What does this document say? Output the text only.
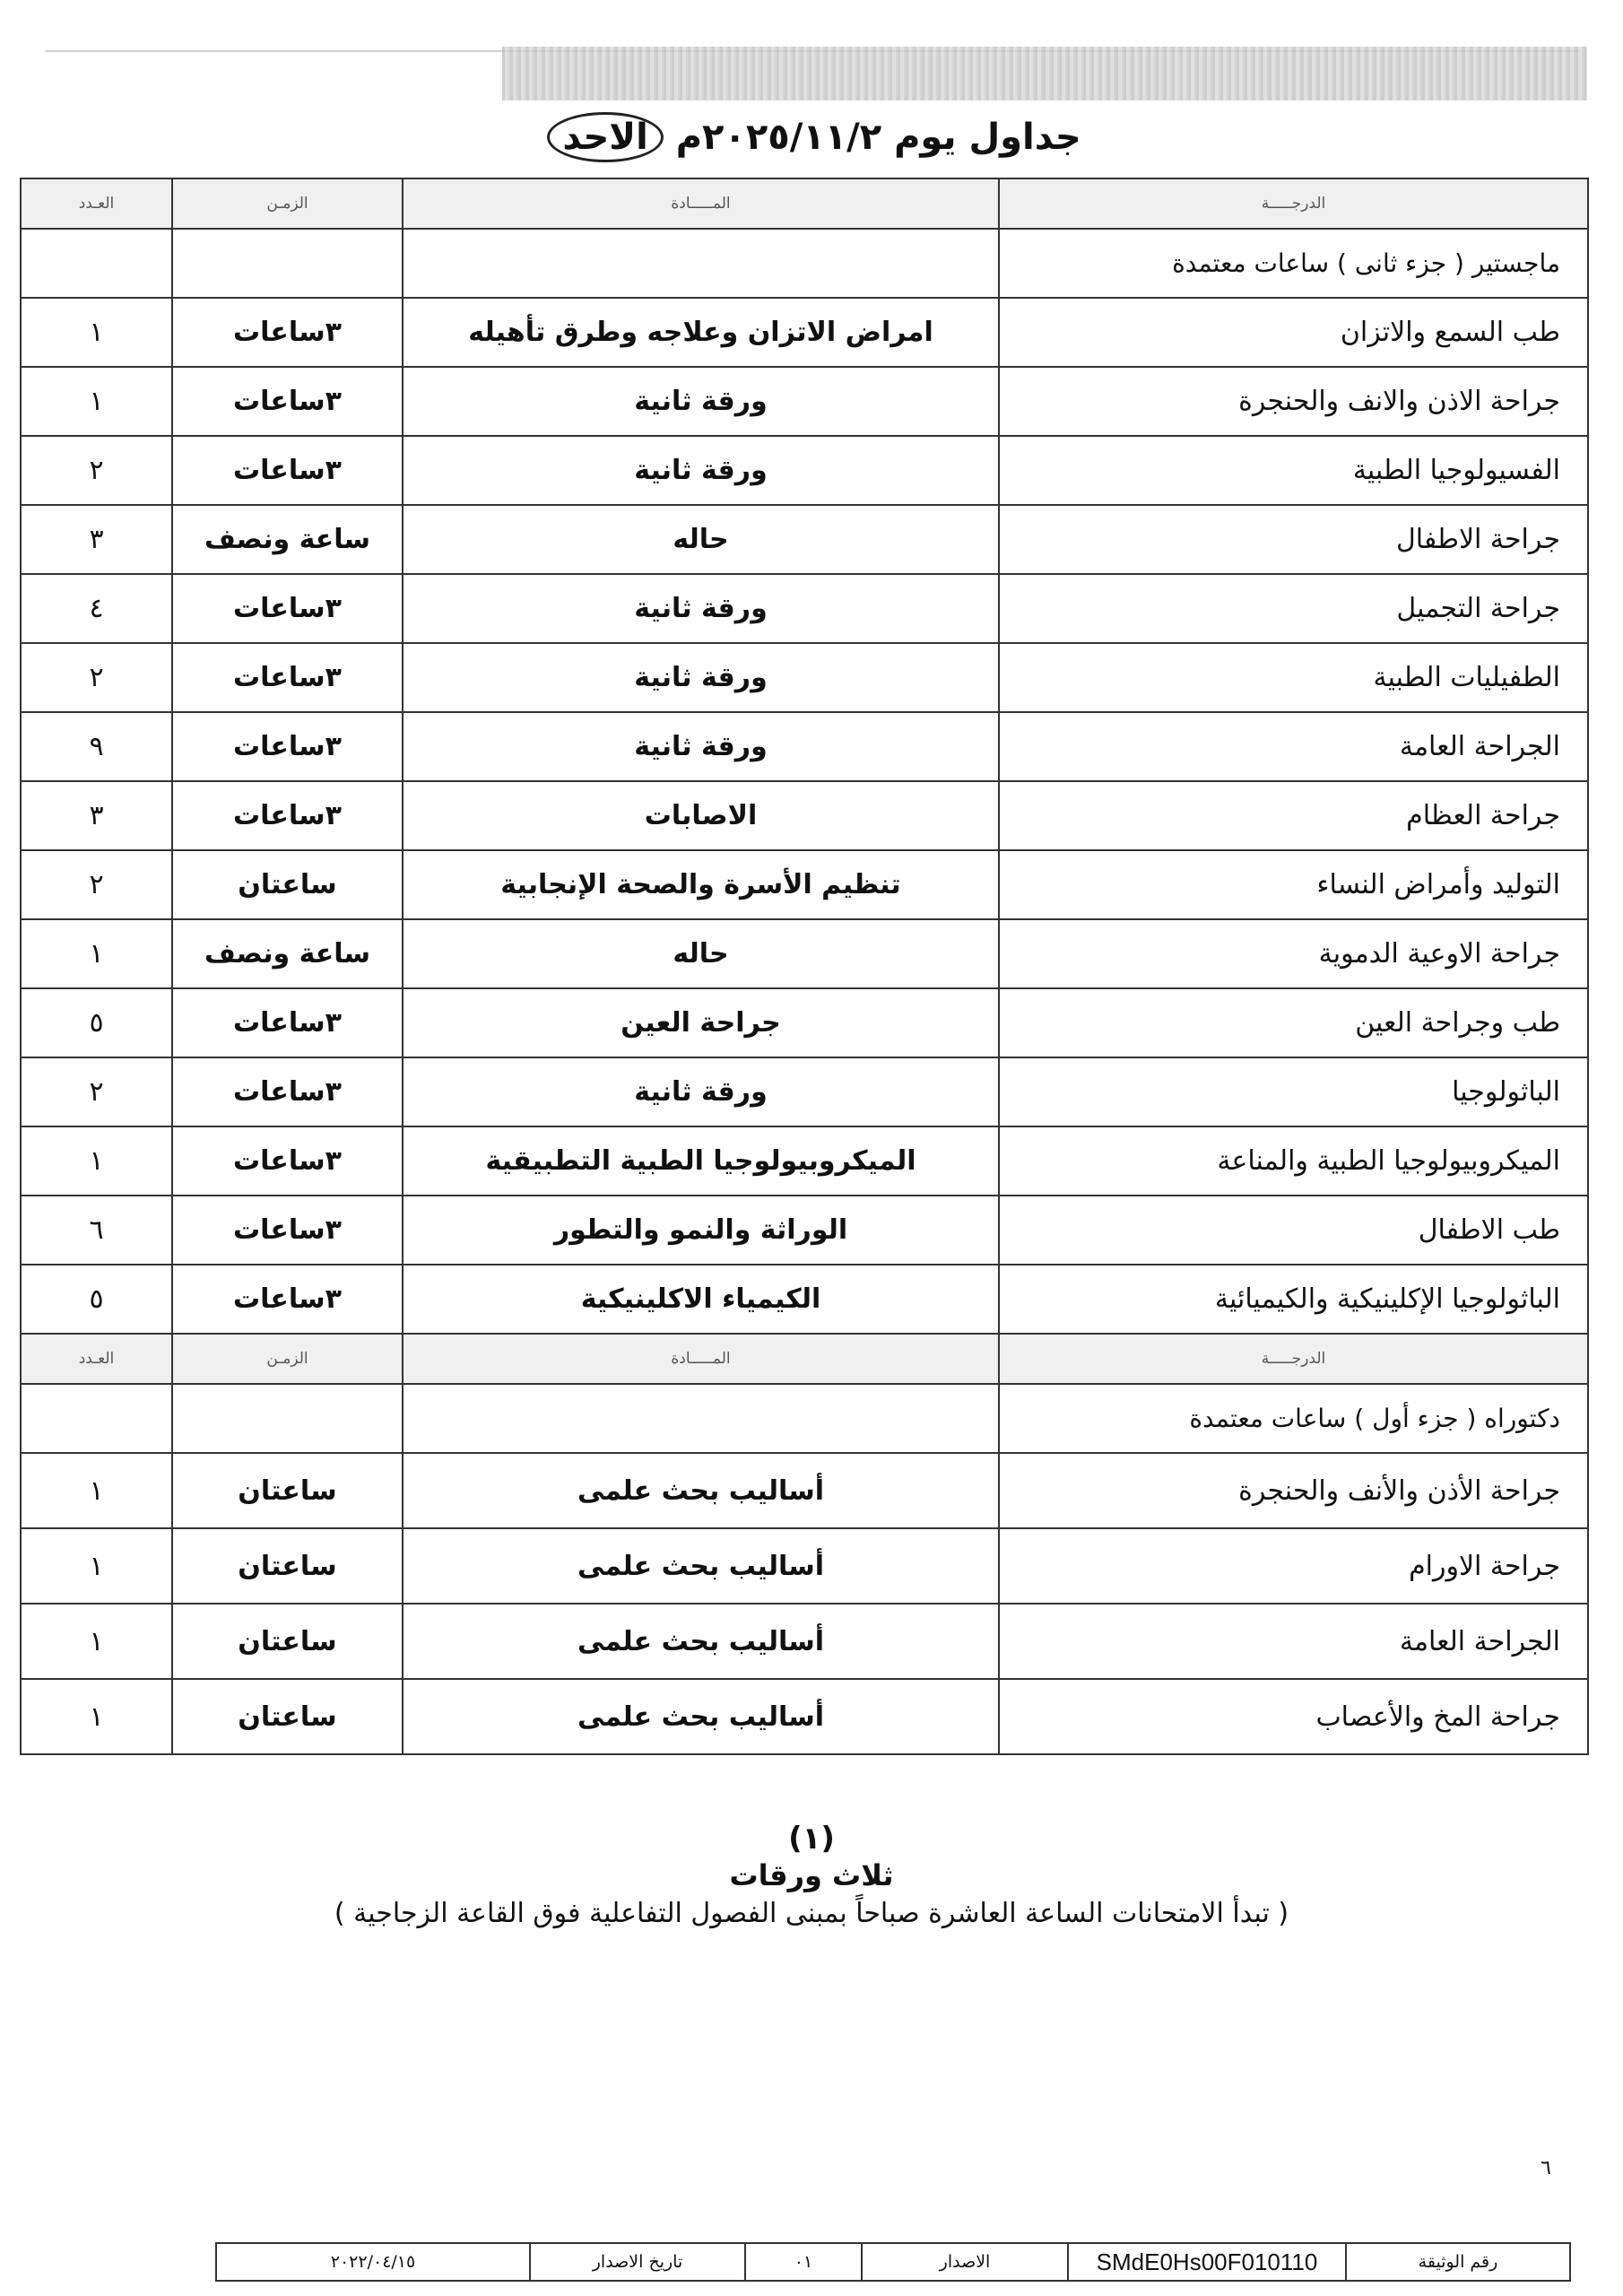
جداول يوم ٢٠٢٥/١١/٢م الاحد
الدرجـــــة	المـــــادة	الزمـن	العـدد
ماجستير ( جزء ثانى ) ساعات معتمدة			
طب السمع والاتزان	امراض الاتزان وعلاجه وطرق تأهيله	٣ساعات	١
جراحة الاذن والانف والحنجرة	ورقة ثانية	٣ساعات	١
الفسيولوجيا الطبية	ورقة ثانية	٣ساعات	٢
جراحة الاطفال	حاله	ساعة ونصف	٣
جراحة التجميل	ورقة ثانية	٣ساعات	٤
الطفيليات الطبية	ورقة ثانية	٣ساعات	٢
الجراحة العامة	ورقة ثانية	٣ساعات	٩
جراحة العظام	الاصابات	٣ساعات	٣
التوليد وأمراض النساء	تنظيم الأسرة والصحة الإنجابية	ساعتان	٢
جراحة الاوعية الدموية	حاله	ساعة ونصف	١
طب وجراحة العين	جراحة العين	٣ساعات	٥
الباثولوجيا	ورقة ثانية	٣ساعات	٢
الميكروبيولوجيا الطبية والمناعة	الميكروبيولوجيا الطبية التطبيقية	٣ساعات	١
طب الاطفال	الوراثة والنمو والتطور	٣ساعات	٦
الباثولوجيا الإكلينيكية والكيميائية	الكيمياء الاكلينيكية	٣ساعات	٥
الدرجـــــة	المـــــادة	الزمـن	العـدد
دكتوراه ( جزء أول ) ساعات معتمدة			
جراحة الأذن والأنف والحنجرة	أساليب بحث علمى	ساعتان	١
جراحة الاورام	أساليب بحث علمى	ساعتان	١
الجراحة العامة	أساليب بحث علمى	ساعتان	١
جراحة المخ والأعصاب	أساليب بحث علمى	ساعتان	١
(١)
ثلاث ورقات
( تبدأ الامتحانات الساعة العاشرة صباحاً بمبنى الفصول التفاعلية فوق القاعة الزجاجية )
٦
٢٠٢٢/٠٤/١٥	تاريخ الاصدار	٠١	الاصدار	SMdE0Hs00F010110	رقم الوثيقة
